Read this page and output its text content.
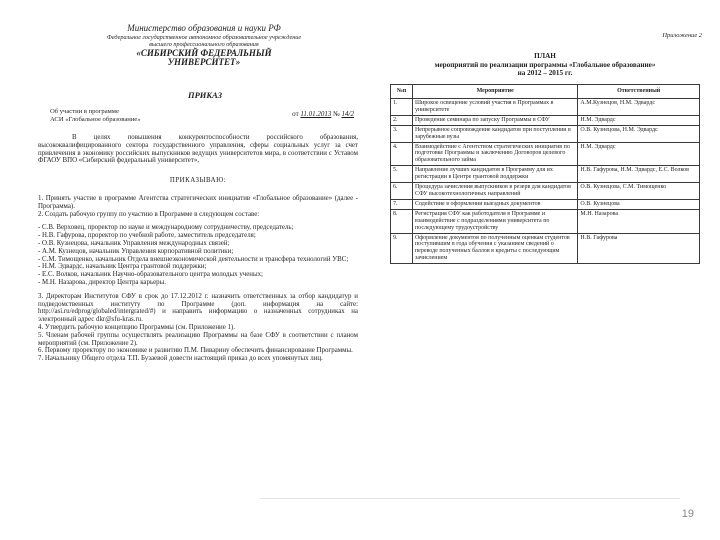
Министерство образования и науки РФ
Федеральное государственное автономное образовательное учреждение
высшего профессионального образования
«СИБИРСКИЙ ФЕДЕРАЛЬНЫЙ УНИВЕРСИТЕТ»
ПРИКАЗ
Об участии в программе
АСИ «Глобальное образование»
от 11.01.2013 № 14/2

В целях повышения конкурентоспособности российского образования, высококвалифицированного сектора государственного управления, сферы социальных услуг за счет привлечения в экономику российских выпускников ведущих университетов мира, в соответствии с Уставом ФГАОУ ВПО «Сибирский федеральный университет»,

ПРИКАЗЫВАЮ:

1. Принять участие в программе Агентства стратегических инициатив «Глобальное образование» (далее - Программа).

2. Создать рабочую группу по участию в Программе в следующем составе:

- С.В. Верховец, проректор по науке и международному сотрудничеству, председатель;

- Н.В. Гафурова, проректор по учебной работе, заместитель председателя;

- О.В. Кузнецова, начальник Управления международных связей;

- А.М. Кузнецов, начальник Управления корпоративной политики;

- С.М. Тимощенко, начальник Отдела внешнеэкономической деятельности и трансфера технологий УВС;

- Н.М. Эдвардс, начальник Центра грантовой поддержки;

- Е.С. Волков, начальник Научно-образовательного центра молодых ученых;

- М.Н. Назарова, директор Центра карьеры.

3. Директорам Институтов СФУ в срок до 17.12.2012 г. назначить ответственных за отбор кандидатур и подведомственных институту по Программе (доп. информация на сайте: http://asi.ru/edprog/globaled/intergrated/#) и направить информацию о назначенных сотрудниках на электронный адрес dkr@sfu-kras.ru.

4. Утвердить рабочую концепцию Программы (см. Приложение 1).

5. Членам рабочей группы осуществлять реализацию Программы на базе СФУ в соответствии с планом мероприятий (см. Приложение 2).

6. Первому проректору по экономике и развитию П.М. Пиварину обеспечить финансирование Программы.

7. Начальнику Общего отдела Т.П. Бузаевой довести настоящий приказ до всех упомянутых лиц.

Приложение 2
ПЛАН
мероприятий по реализации программы «Глобальное образование»
на 2012 – 2015 гг.
№п	Мероприятие	Ответственный
1.	Широкое освещение условий участия в Программах в университете	А.М.Кузнецов, Н.М. Эдвардс
2.	Проведение семинара по запуску Программы в СФУ	Н.М. Эдвардс
3.	Непрерывное сопровождение кандидатов при поступлении в зарубежные вузы	О.В. Кузнецова, Н.М. Эдвардс
4.	Взаимодействие с Агентством стратегических инициатив по подготовке Программы и заключению Договоров целевого образовательного займа	Н.М. Эдвардс
5.	Направление лучших кандидатов в Программу для их регистрации в Центре грантовой поддержки	Н.В. Гафурова, Н.М. Эдвардс, Е.С. Волков
6.	Процедура зачисления выпускников в резерв для кандидатов СФУ высокотехнологичных направлений	О.В. Кузнецова, С.М. Тимощенко
7.	Содействие в оформлении выездных документов	О.В. Кузнецова
8.	Регистрация СФУ как работодателя в Программе и взаимодействие с подразделениями университета по последующему трудоустройству	М.Н. Назарова
9.	Оформление документов по полученным оценкам студентов поступившим в года обучения с указанием сведений о переводе полученных баллов в кредиты с последующим зачислением	Н.В. Гафурова
19
